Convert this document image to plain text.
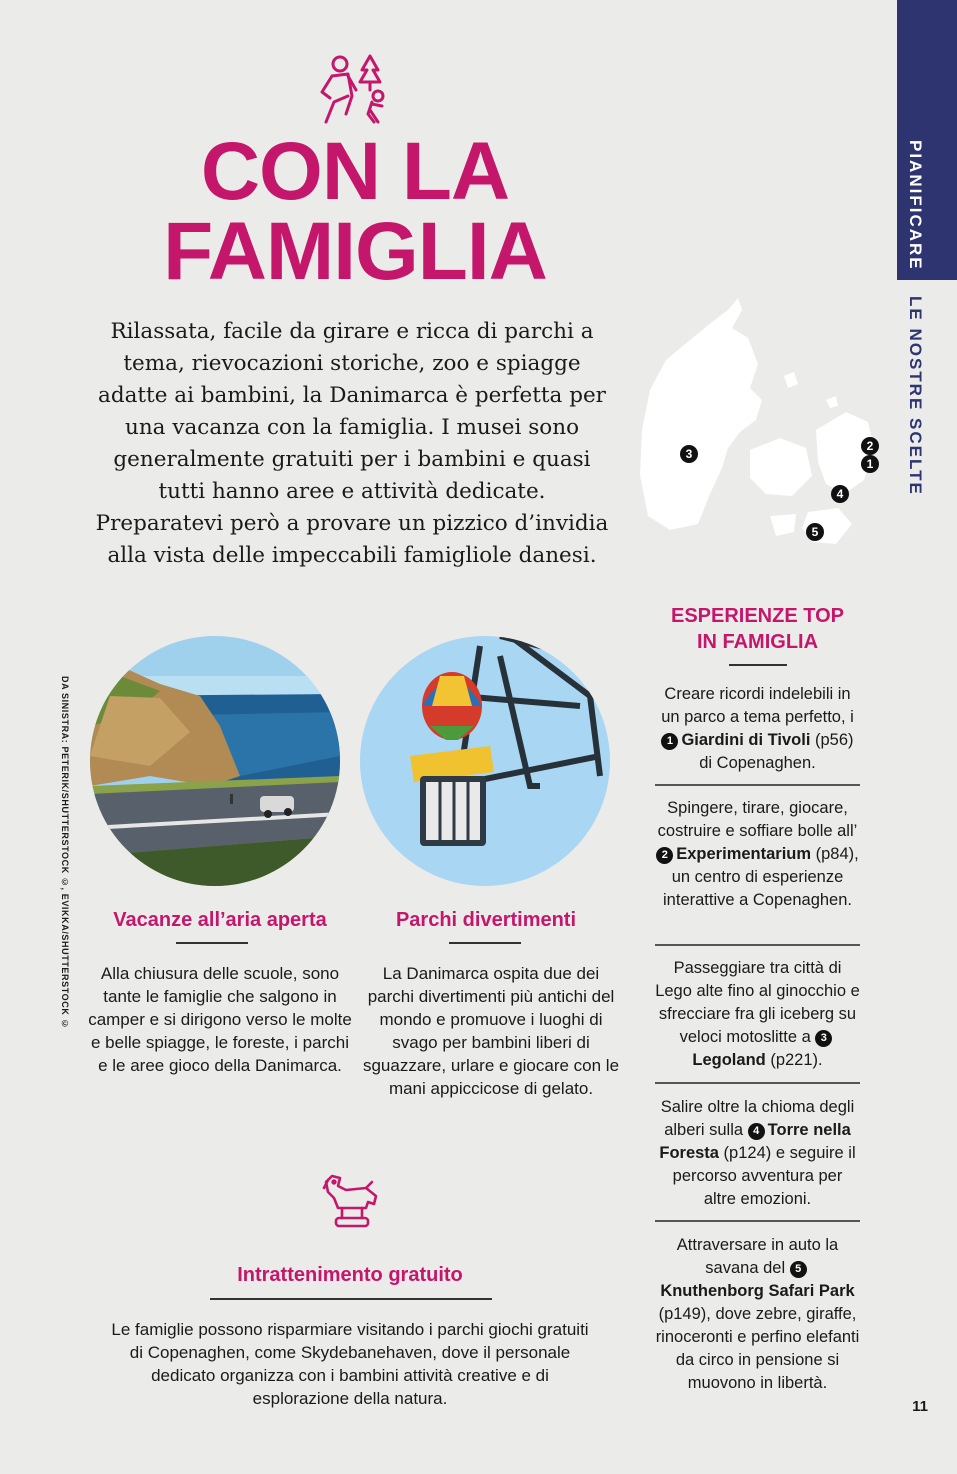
PIANIFICARE
LE NOSTRE SCELTE
CON LA
FAMIGLIA

Rilassata, facile da girare e ricca di parchi a tema, rievocazioni storiche, zoo e spiagge adatte ai bambini, la Danimarca è perfetta per una vacanza con la famiglia. I musei sono generalmente gratuiti per i bambini e quasi tutti hanno aree e attività dedicate. Preparatevi però a provare un pizzico d’invidia alla vista delle impeccabili famigliole danesi.

3
2
1
4
5
DA SINISTRA: PETERIK/SHUTTERSTOCK ©, EVIKKA/SHUTTERSTOCK ©	Vacanze all’aria aperta

Alla chiusura delle scuole, sono tante le famiglie che salgono in camper e si dirigono verso le molte e belle spiagge, le foreste, i parchi e le aree gioco della Danimarca.

Parchi divertimenti

La Danimarca ospita due dei parchi divertimenti più antichi del mondo e promuove i luoghi di svago per bambini liberi di sguazzare, urlare e giocare con le mani appiccicose di gelato.

Intrattenimento gratuito

Le famiglie possono risparmiare visitando i parchi giochi gratuiti di Copenaghen, come Skydebanehaven, dove il personale dedicato organizza con i bambini attività creative e di esplorazione della natura.

ESPERIENZE TOP
IN FAMIGLIA

Creare ricordi indelebili in un parco a tema perfetto, i 1 Giardini di Tivoli (p56) di Copenaghen.

Spingere, tirare, giocare, costruire e soffiare bolle all’ 2 Experimentarium (p84), un centro di esperienze interattive a Copenaghen.

Passeggiare tra città di Lego alte fino al ginocchio e sfrecciare fra gli iceberg su veloci motoslitte a 3Legoland (p221).

Salire oltre la chioma degli alberi sulla 4 Torre nella Foresta (p124) e seguire il percorso avventura per altre emozioni.

Attraversare in auto la savana del 5Knuthenborg Safari Park (p149), dove zebre, giraffe, rinoceronti e perfino elefanti da circo in pensione si muovono in libertà.

11
